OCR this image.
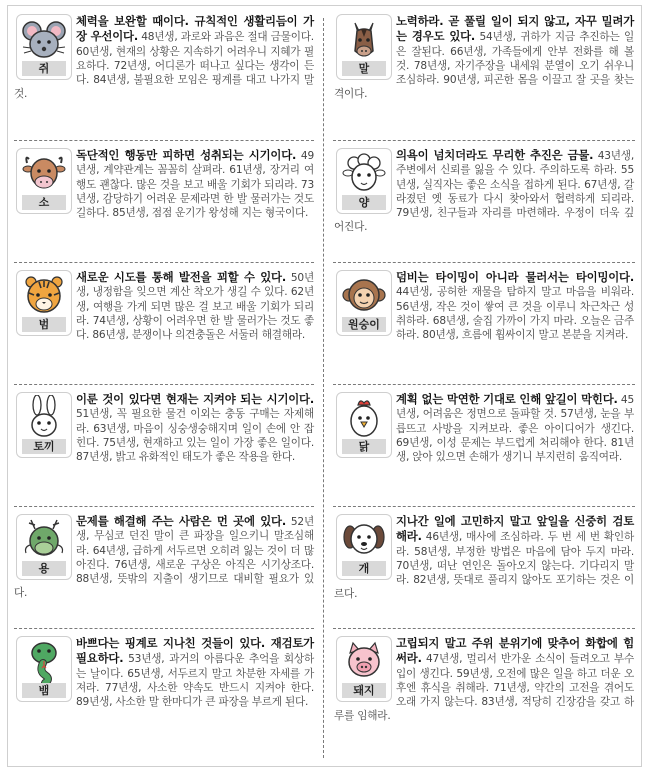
쥐
체력을 보완할 때이다. 규칙적인 생활리듬이 가장 우선이다. 48년생, 과로와 과음은 절대 금물이다. 60년생, 현재의 상황은 지속하기 어려우니 지혜가 필요하다. 72년생, 어디론가 떠나고 싶다는 생각이 든다. 84년생, 불필요한 모임은 핑계를 대고 나가지 말 것.
말
노력하라. 곧 풀릴 일이 되지 않고, 자꾸 밀려가는 경우도 있다. 54년생, 귀하가 지금 추진하는 일은 잘된다. 66년생, 가족들에게 안부 전화를 해 볼 것. 78년생, 자기주장을 내세워 분열이 오기 쉬우니 조심하라. 90년생, 피곤한 몸을 이끌고 잘 곳을 찾는 격이다.
소
독단적인 행동만 피하면 성취되는 시기이다. 49년생, 계약관계는 꼼꼼히 살펴라. 61년생, 장거리 여행도 괜찮다. 많은 것을 보고 배울 기회가 되리라. 73년생, 감당하기 어려운 문제라면 한 발 물러가는 것도 길하다. 85년생, 점점 운기가 왕성해 지는 형국이다.
양
의욕이 넘치더라도 무리한 추진은 금물. 43년생, 주변에서 신뢰를 잃을 수 있다. 주의하도록 하라. 55년생, 실직자는 좋은 소식을 접하게 된다. 67년생, 갈라졌던 옛 동료가 다시 찾아와서 협력하게 되리라. 79년생, 친구들과 자리를 마련해라. 우정이 더욱 깊어진다.
범
새로운 시도를 통해 발전을 꾀할 수 있다. 50년생, 냉정함을 잊으면 계산 착오가 생길 수 있다. 62년생, 여행을 가게 되면 많은 걸 보고 배울 기회가 되리라. 74년생, 상황이 어려우면 한 발 물러가는 것도 좋다. 86년생, 분쟁이나 의견충돌은 서둘러 해결해라.
원숭이
덤비는 타이밍이 아니라 물러서는 타이밍이다. 44년생, 공허한 재물을 탐하지 말고 마음을 비워라. 56년생, 작은 것이 쌓여 큰 것을 이루니 차근차근 성취하라. 68년생, 술집 가까이 가지 마라. 오늘은 금주하라. 80년생, 흐름에 휩싸이지 말고 본분을 지켜라.
토끼
이룬 것이 있다면 현재는 지켜야 되는 시기이다. 51년생, 꼭 필요한 물건 이외는 충동 구매는 자제해라. 63년생, 마음이 싱숭생숭해지며 일이 손에 안 잡힌다. 75년생, 현재하고 있는 일이 가장 좋은 일이다. 87년생, 밝고 유화적인 태도가 좋은 작용을 한다.
닭
계획 없는 막연한 기대로 인해 앞길이 막힌다. 45년생, 어려움은 정면으로 돌파할 것. 57년생, 눈을 부릅뜨고 사방을 지켜보라. 좋은 아이디어가 생긴다. 69년생, 이성 문제는 부드럽게 처리해야 한다. 81년생, 앉아 있으면 손해가 생기니 부지런히 움직여라.
용
문제를 해결해 주는 사람은 먼 곳에 있다. 52년생, 무심코 던진 말이 큰 파장을 일으키니 말조심해라. 64년생, 급하게 서두르면 오히려 잃는 것이 더 많아진다. 76년생, 새로운 구상은 아직은 시기상조다. 88년생, 뜻밖의 지출이 생기므로 대비할 필요가 있다.
개
지나간 일에 고민하지 말고 앞일을 신중히 검토해라. 46년생, 매사에 조심하라. 두 번 세 번 확인하라. 58년생, 부정한 방법은 마음에 담아 두지 마라. 70년생, 떠난 연인은 돌아오지 않는다. 기다리지 말라. 82년생, 뜻대로 풀리지 않아도 포기하는 것은 이르다.
뱀
바쁘다는 핑계로 지나친 것들이 있다. 재검토가 필요하다. 53년생, 과거의 아름다운 추억을 회상하는 날이다. 65년생, 서두르지 말고 차분한 자세를 가져라. 77년생, 사소한 약속도 반드시 지켜야 한다. 89년생, 사소한 말 한마디가 큰 파장을 부르게 된다.
돼지
고립되지 말고 주위 분위기에 맞추어 화합에 힘써라. 47년생, 멀리서 반가운 소식이 들려오고 부수입이 생긴다. 59년생, 오전에 많은 일을 하고 더운 오후엔 휴식을 취해라. 71년생, 약간의 고전을 겪어도 오래 가지 않는다. 83년생, 적당히 긴장감을 갖고 하루를 임해라.
